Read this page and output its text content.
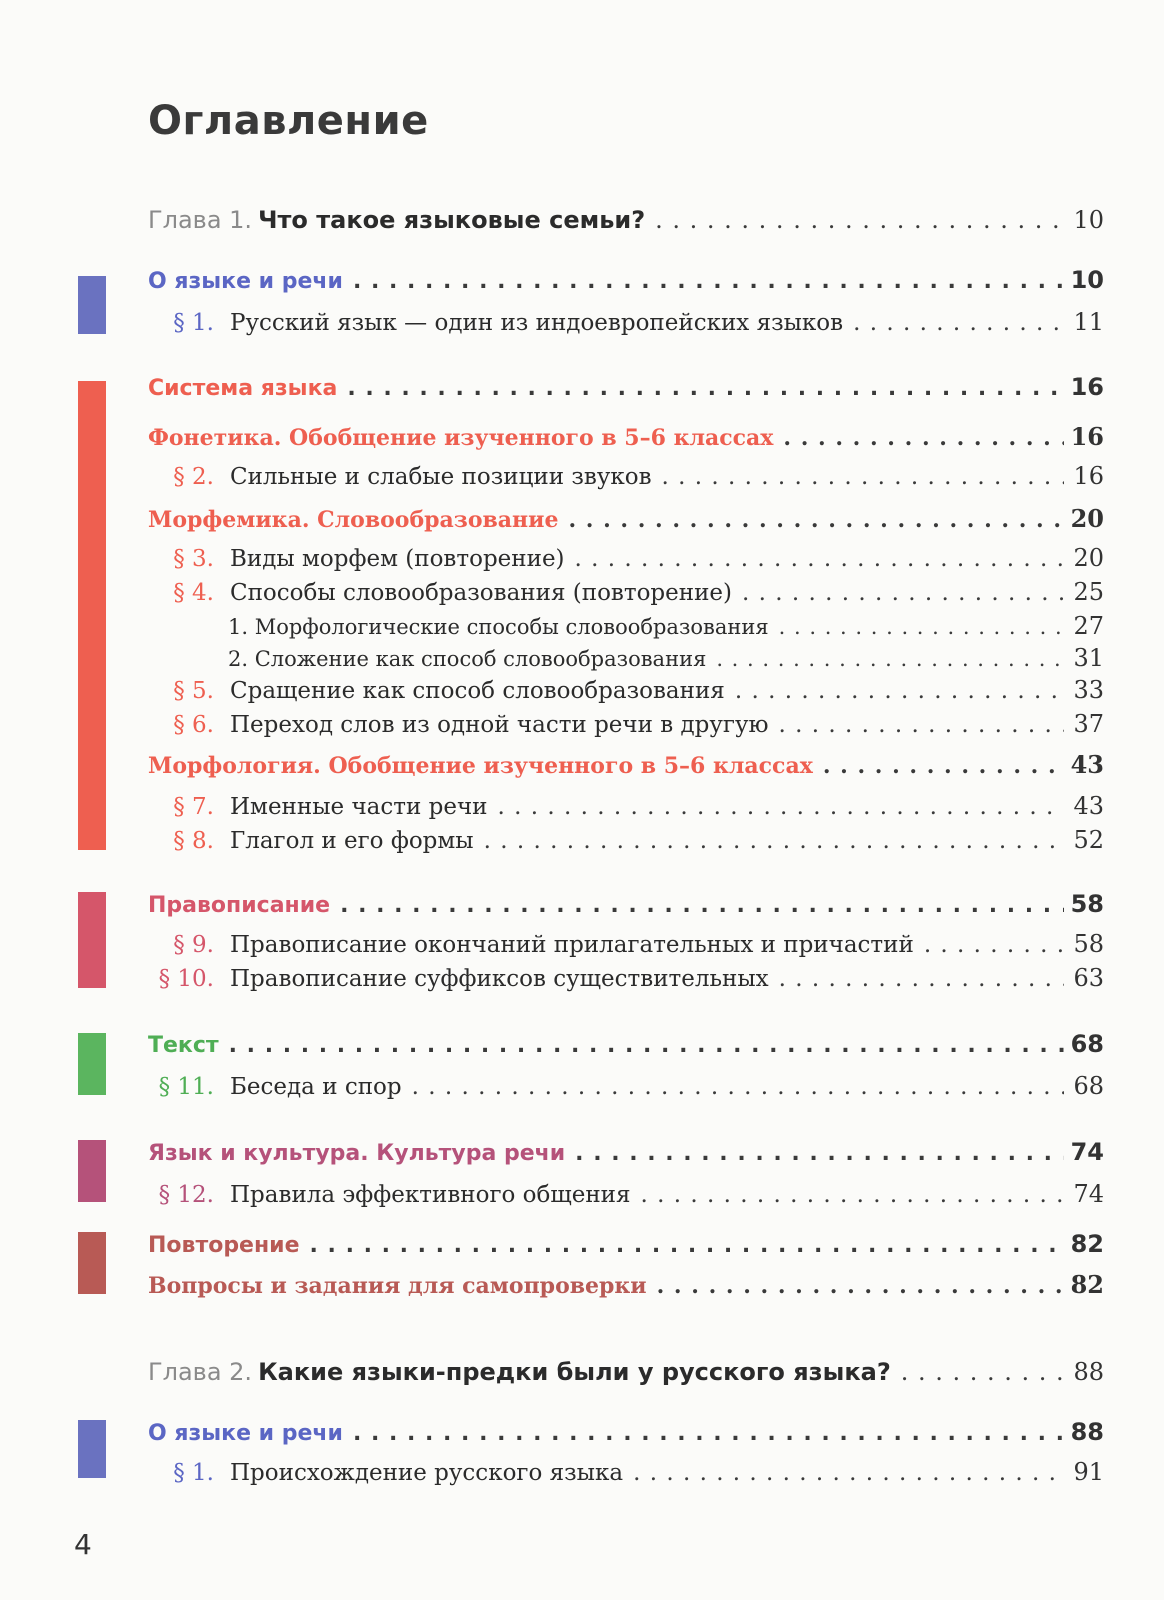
Оглавление
Глава 1. Что такое языковые семьи? . . .	10
О языке и речи . . .	10
§ 1. Русский язык — один из индоевропейских языков . . .	11
Система языка . . .	16
Фонетика. Обобщение изученного в 5–6 классах . . .	16
§ 2. Сильные и слабые позиции звуков . . .	16
Морфемика. Словообразование . . .	20
§ 3. Виды морфем (повторение) . . .	20
§ 4. Способы словообразования (повторение) . . .	25
1. Морфологические способы словообразования . . .	27
2. Сложение как способ словообразования . . .	31
§ 5. Сращение как способ словообразования . . .	33
§ 6. Переход слов из одной части речи в другую . . .	37
Морфология. Обобщение изученного в 5–6 классах . . .	43
§ 7. Именные части речи . . .	43
§ 8. Глагол и его формы . . .	52
Правописание . . .	58
§ 9. Правописание окончаний прилагательных и причастий . . .	58
§ 10. Правописание суффиксов существительных . . .	63
Текст . . .	68
§ 11. Беседа и спор . . .	68
Язык и культура. Культура речи . . .	74
§ 12. Правила эффективного общения . . .	74
Повторение . . .	82
Вопросы и задания для самопроверки . . .	82
Глава 2. Какие языки-предки были у русского языка? . . .	88
О языке и речи . . .	88
§ 1. Происхождение русского языка . . .	91
4
